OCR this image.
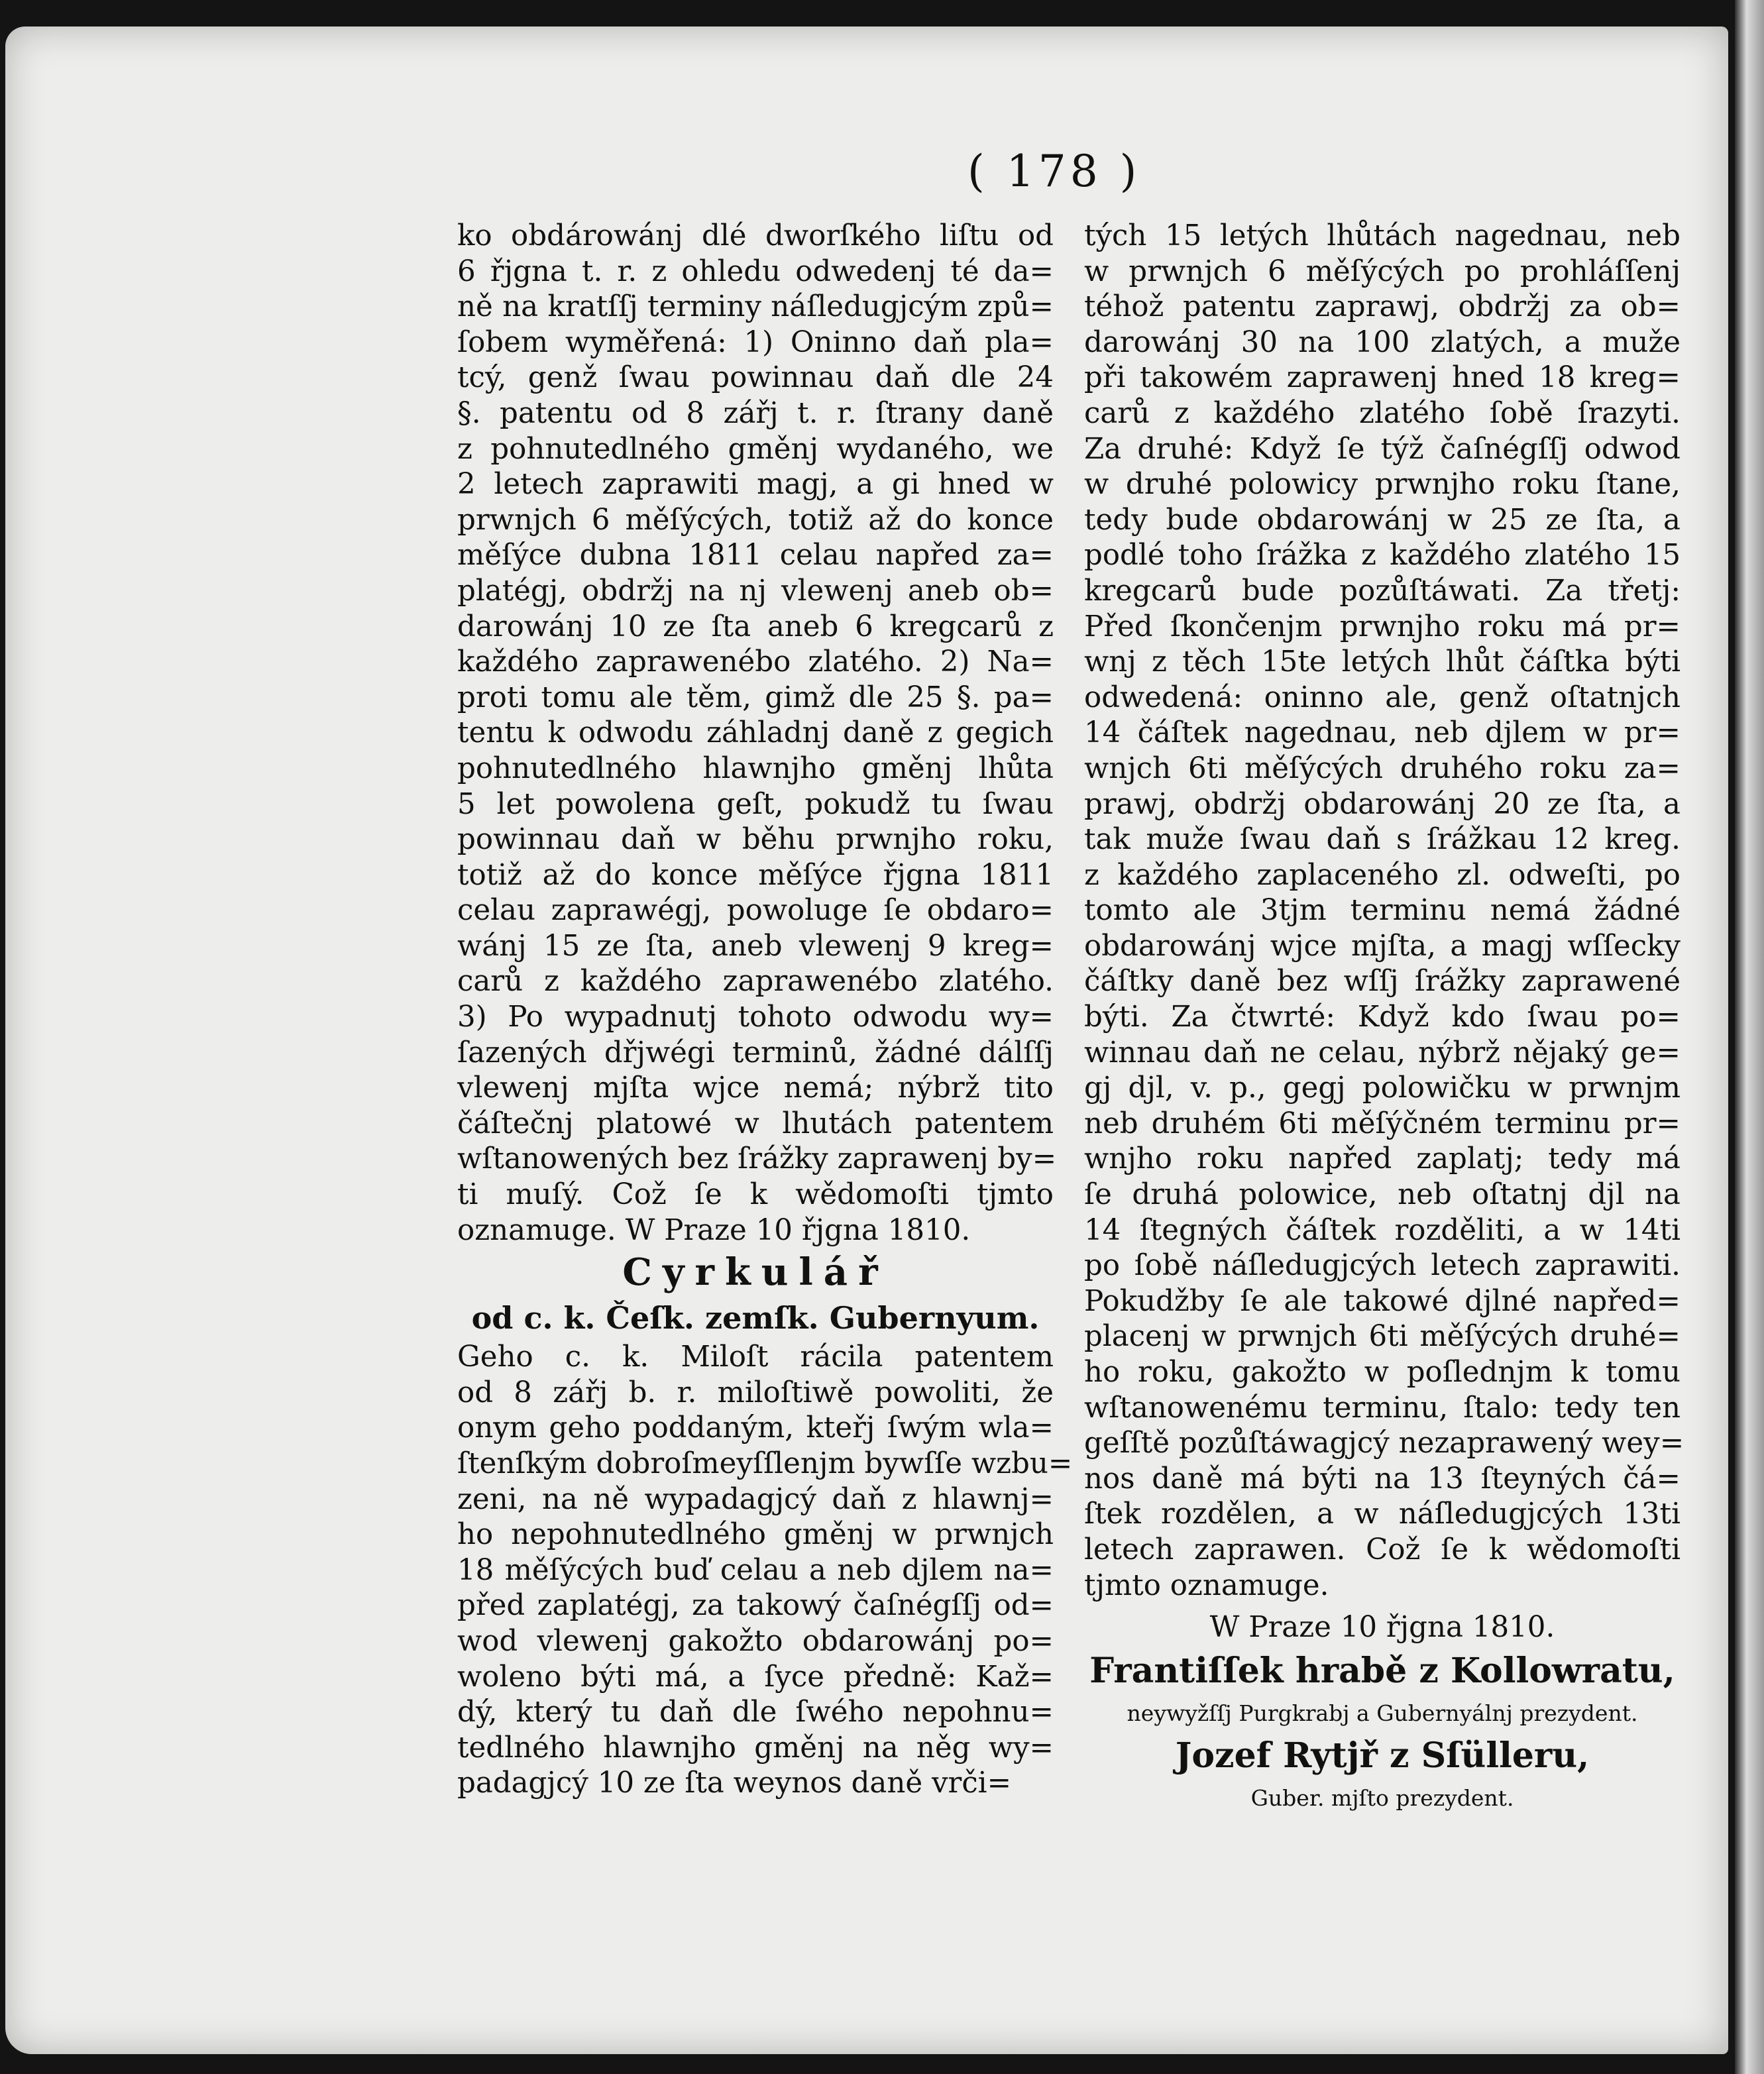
( 178 )
ko obdárowánj dlé dworſkého liſtu od
6 řjgna t. r. z ohledu odwedenj té da=
ně na kratſſj terminy náſledugjcým způ=
ſobem wyměřená: 1) Oninno daň pla=
tcý, genž ſwau powinnau daň dle 24
§. patentu od 8 zářj t. r. ſtrany daně
z pohnutedlného gměnj wydaného, we
2 letech zaprawiti magj, a gi hned w
prwnjch 6 měſýcých, totiž až do konce
měſýce dubna 1811 celau napřed za=
platégj, obdržj na nj vlewenj aneb ob=
darowánj 10 ze ſta aneb 6 kregcarů z
každého zaprawenébo zlatého. 2) Na=
proti tomu ale těm, gimž dle 25 §. pa=
tentu k odwodu záhladnj daně z gegich
pohnutedlného hlawnjho gměnj lhůta
5 let powolena geſt, pokudž tu ſwau
powinnau daň w běhu prwnjho roku,
totiž až do konce měſýce řjgna 1811
celau zaprawégj, powoluge ſe obdaro=
wánj 15 ze ſta, aneb vlewenj 9 kreg=
carů z každého zaprawenébo zlatého.
3) Po wypadnutj tohoto odwodu wy=
ſazených dřjwégi terminů, žádné dálſſj
vlewenj mjſta wjce nemá; nýbrž tito
čáſtečnj platowé w lhutách patentem
wſtanowených bez ſrážky zaprawenj by=
ti muſý. Což ſe k wědomoſti tjmto
oznamuge. W Praze 10 řjgna 1810.
Cyrkulář
od c. k. Čeſk. zemſk. Gubernyum.
Geho c. k. Miloſt rácila patentem
od 8 zářj b. r. miloſtiwě powoliti, že
onym geho poddaným, kteřj ſwým wla=
ſtenſkým dobroſmeyſſlenjm bywſſe wzbu=
zeni, na ně wypadagjcý daň z hlawnj=
ho nepohnutedlného gměnj w prwnjch
18 měſýcých buď celau a neb djlem na=
před zaplatégj, za takowý čaſnégſſj od=
wod vlewenj gakožto obdarowánj po=
woleno býti má, a ſyce předně: Kaž=
dý, který tu daň dle ſwého nepohnu=
tedlného hlawnjho gměnj na něg wy=
padagjcý 10 ze ſta weynos daně vrči=
tých 15 letých lhůtách nagednau, neb
w prwnjch 6 měſýcých po prohláſſenj
téhož patentu zaprawj, obdržj za ob=
darowánj 30 na 100 zlatých, a muže
při takowém zaprawenj hned 18 kreg=
carů z každého zlatého ſobě ſrazyti.
Za druhé: Když ſe týž čaſnégſſj odwod
w druhé polowicy prwnjho roku ſtane,
tedy bude obdarowánj w 25 ze ſta, a
podlé toho ſrážka z každého zlatého 15
kregcarů bude pozůſtáwati. Za třetj:
Před ſkončenjm prwnjho roku má pr=
wnj z těch 15te letých lhůt čáſtka býti
odwedená: oninno ale, genž oſtatnjch
14 čáſtek nagednau, neb djlem w pr=
wnjch 6ti měſýcých druhého roku za=
prawj, obdržj obdarowánj 20 ze ſta, a
tak muže ſwau daň s ſrážkau 12 kreg.
z každého zaplaceného zl. odweſti, po
tomto ale 3tjm terminu nemá žádné
obdarowánj wjce mjſta, a magj wſſecky
čáſtky daně bez wſſj ſrážky zaprawené
býti. Za čtwrté: Když kdo ſwau po=
winnau daň ne celau, nýbrž nějaký ge=
gj djl, v. p., gegj polowičku w prwnjm
neb druhém 6ti měſýčném terminu pr=
wnjho roku napřed zaplatj; tedy má
ſe druhá polowice, neb oſtatnj djl na
14 ſtegných čáſtek rozděliti, a w 14ti
po ſobě náſledugjcých letech zaprawiti.
Pokudžby ſe ale takowé djlné napřed=
placenj w prwnjch 6ti měſýcých druhé=
ho roku, gakožto w poſlednjm k tomu
wſtanowenému terminu, ſtalo: tedy ten
geſſtě pozůſtáwagjcý nezaprawený wey=
nos daně má býti na 13 ſteyných čá=
ſtek rozdělen, a w náſledugjcých 13ti
letech zaprawen. Což ſe k wědomoſti
tjmto oznamuge.
W Praze 10 řjgna 1810.
Frantiſſek hrabě z Kollowratu,
neywyžſſj Purgkrabj a Gubernyálnj prezydent.
Jozef Rytjř z Sſüllеru,
Guber. mjſto prezydent.
